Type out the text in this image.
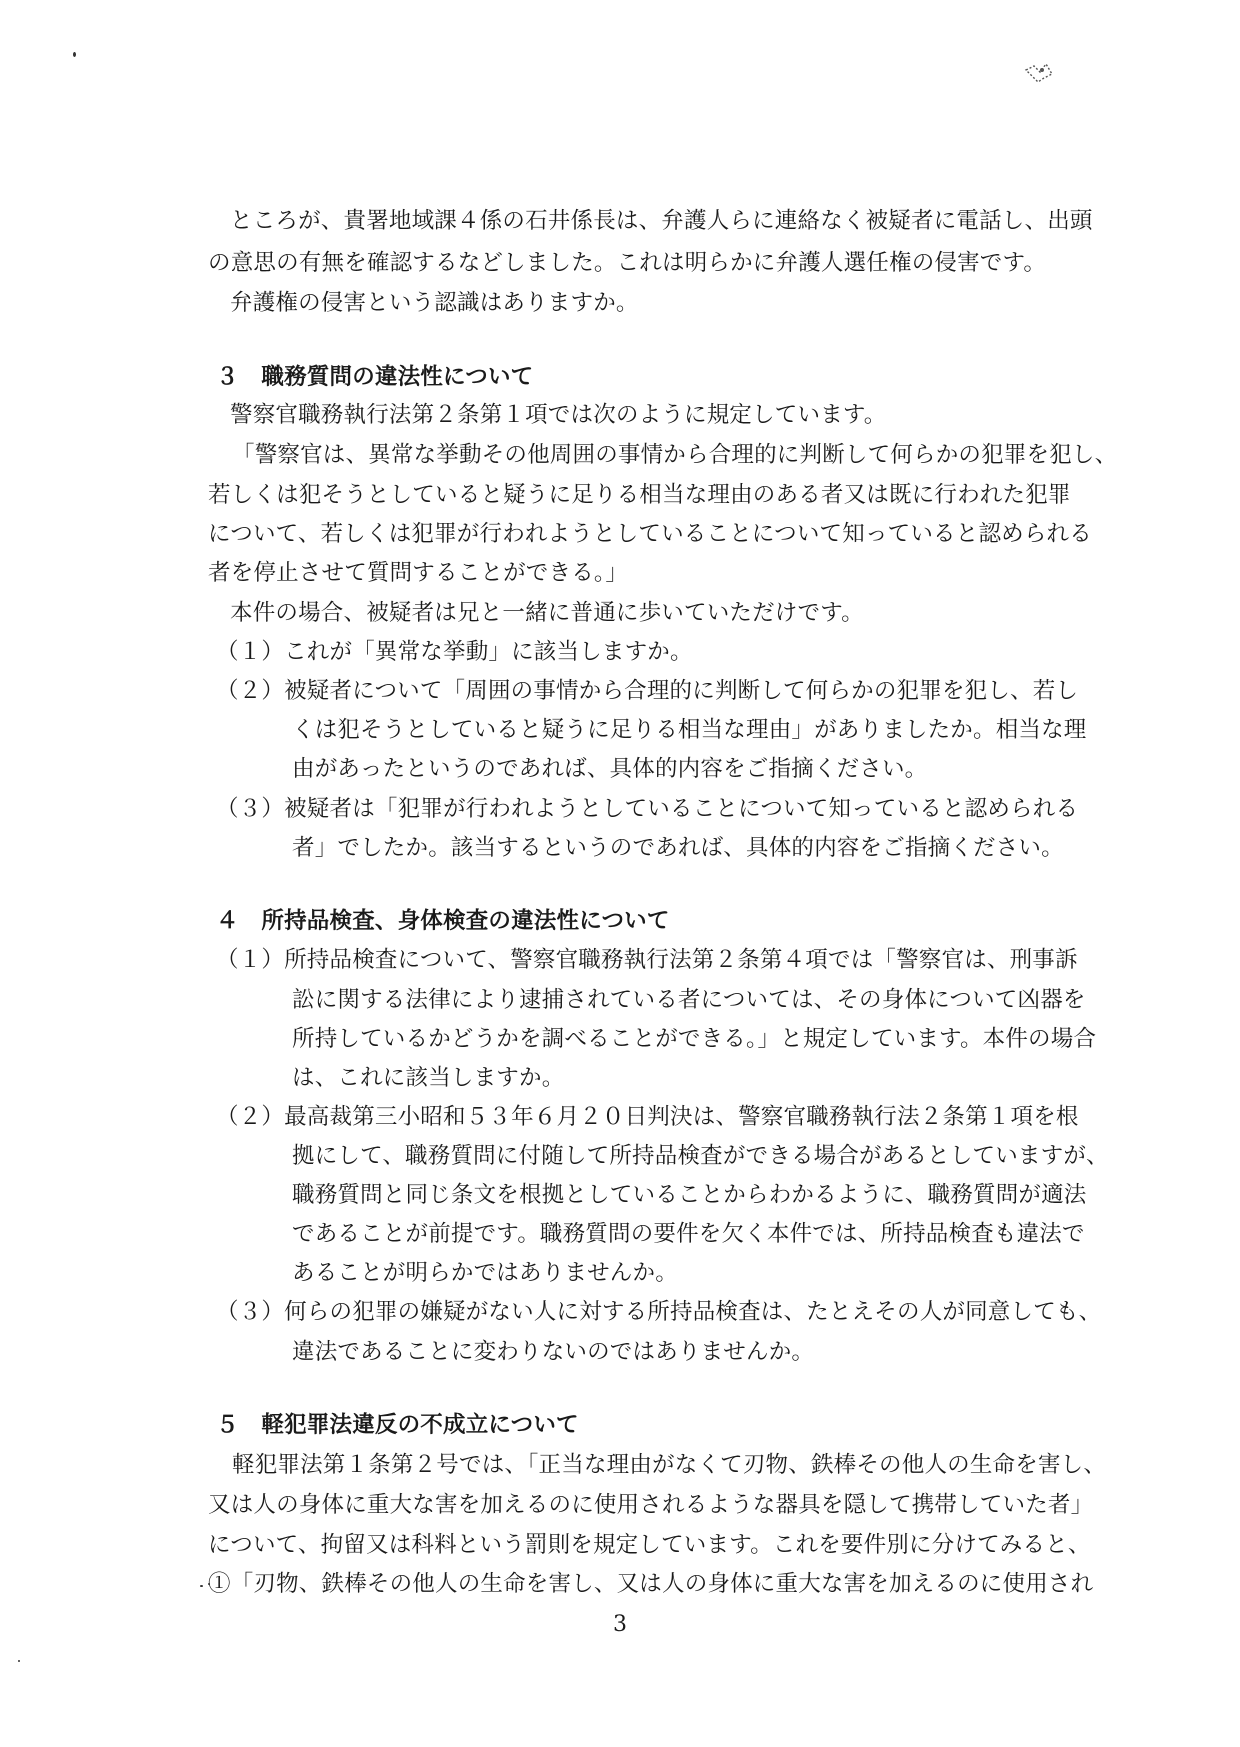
ところが、貴署地域課４係の石井係長は、弁護人らに連絡なく被疑者に電話し、出頭
の意思の有無を確認するなどしました。これは明らかに弁護人選任権の侵害です。
弁護権の侵害という認識はありますか。
３　職務質問の違法性について
警察官職務執行法第２条第１項では次のように規定しています。
「警察官は、異常な挙動その他周囲の事情から合理的に判断して何らかの犯罪を犯し、
若しくは犯そうとしていると疑うに足りる相当な理由のある者又は既に行われた犯罪
について、若しくは犯罪が行われようとしていることについて知っていると認められる
者を停止させて質問することができる。」
本件の場合、被疑者は兄と一緒に普通に歩いていただけです。
（１）これが「異常な挙動」に該当しますか。
（２）被疑者について「周囲の事情から合理的に判断して何らかの犯罪を犯し、若し
くは犯そうとしていると疑うに足りる相当な理由」がありましたか。相当な理
由があったというのであれば、具体的内容をご指摘ください。
（３）被疑者は「犯罪が行われようとしていることについて知っていると認められる
者」でしたか。該当するというのであれば、具体的内容をご指摘ください。
４　所持品検査、身体検査の違法性について
（１）所持品検査について、警察官職務執行法第２条第４項では「警察官は、刑事訴
訟に関する法律により逮捕されている者については、その身体について凶器を
所持しているかどうかを調べることができる。」と規定しています。本件の場合
は、これに該当しますか。
（２）最高裁第三小昭和５３年６月２０日判決は、警察官職務執行法２条第１項を根
拠にして、職務質問に付随して所持品検査ができる場合があるとしていますが、
職務質問と同じ条文を根拠としていることからわかるように、職務質問が適法
であることが前提です。職務質問の要件を欠く本件では、所持品検査も違法で
あることが明らかではありませんか。
（３）何らの犯罪の嫌疑がない人に対する所持品検査は、たとえその人が同意しても、
違法であることに変わりないのではありませんか。
５　軽犯罪法違反の不成立について
軽犯罪法第１条第２号では、「正当な理由がなくて刃物、鉄棒その他人の生命を害し、
又は人の身体に重大な害を加えるのに使用されるような器具を隠して携帯していた者」
について、拘留又は科料という罰則を規定しています。これを要件別に分けてみると、
①「刃物、鉄棒その他人の生命を害し、又は人の身体に重大な害を加えるのに使用され
3
